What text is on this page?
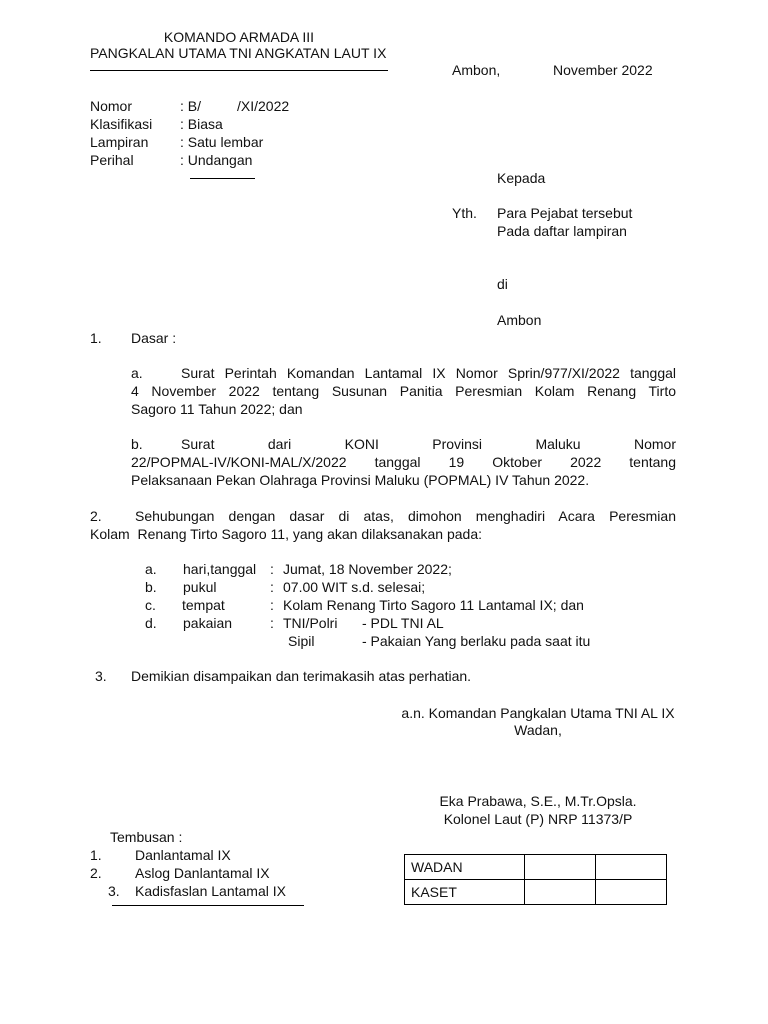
KOMANDO ARMADA III
PANGKALAN UTAMA TNI ANGKATAN LAUT IX
Ambon,	November 2022
Nomor	: B/	/XI/2022
Klasifikasi : Biasa
Lampiran : Satu lembar
Perihal	: Undangan
Kepada
Yth. Para Pejabat tersebut
Pada daftar lampiran
di
Ambon
1. Dasar :
a.	Surat Perintah Komandan Lantamal IX Nomor Sprin/977/XI/2022 tanggal
4 November 2022 tentang Susunan Panitia Peresmian Kolam Renang Tirto
Sagoro 11 Tahun 2022; dan
b.	Surat dari KONI Provinsi Maluku Nomor
22/POPMAL-IV/KONI-MAL/X/2022 tanggal 19 Oktober 2022 tentang
Pelaksanaan Pekan Olahraga Provinsi Maluku (POPMAL) IV Tahun 2022.
2. Sehubungan dengan dasar di atas, dimohon menghadiri Acara Peresmian
Kolam  Renang Tirto Sagoro 11, yang akan dilaksanakan pada:
a. hari,tanggal : Jumat, 18 November 2022;
b. pukul	: 07.00 WIT s.d. selesai;
c. tempat	: Kolam Renang Tirto Sagoro 11 Lantamal IX; dan
d. pakaian	: TNI/Polri - PDL TNI AL
Sipil	- Pakaian Yang berlaku pada saat itu
3. Demikian disampaikan dan terimakasih atas perhatian.
a.n. Komandan Pangkalan Utama TNI AL IX
Wadan,
Eka Prabawa, S.E., M.Tr.Opsla.
Kolonel Laut (P) NRP 11373/P
Tembusan :
1. Danlantamal IX
2. Aslog Danlantamal IX
3. Kadisfaslan Lantamal IX
WADAN		
KASET		
